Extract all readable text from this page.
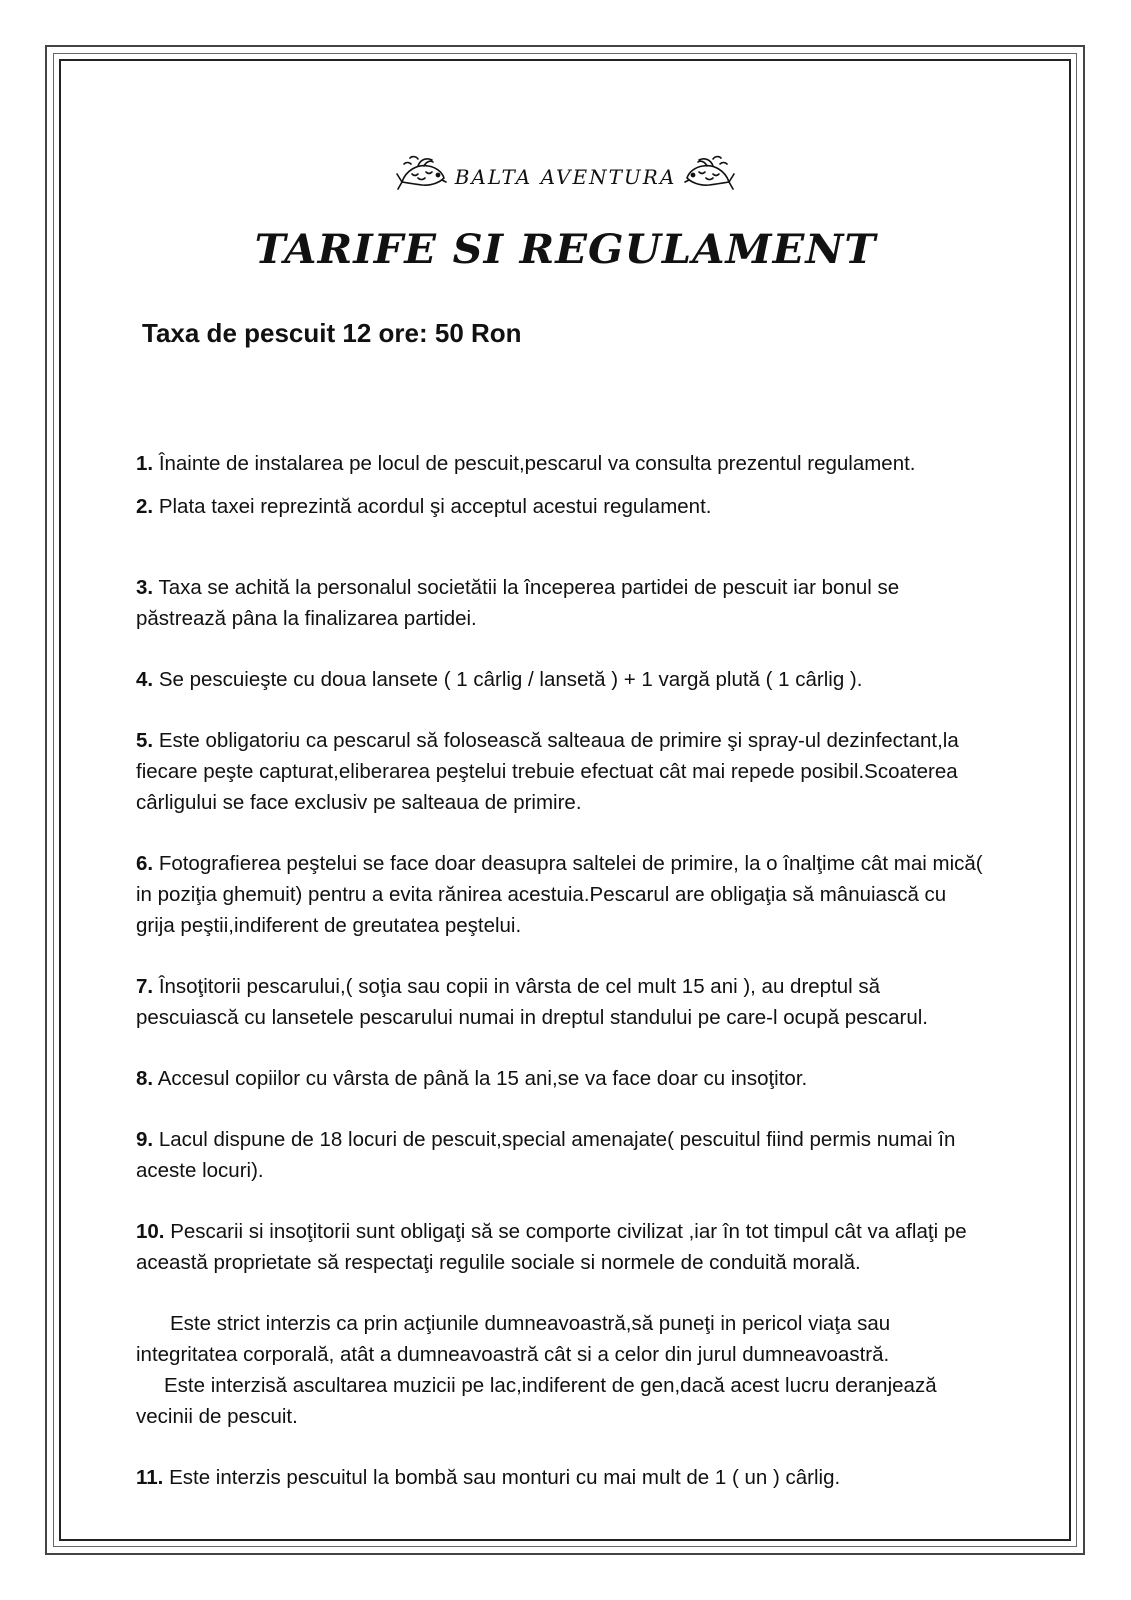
BALTA AVENTURA
TARIFE SI REGULAMENT
Taxa de pescuit 12 ore: 50 Ron

1. Înainte de instalarea pe locul de pescuit,pescarul va consulta prezentul regulament.

2. Plata taxei reprezintă acordul şi acceptul acestui regulament.

3. Taxa se achită la personalul societătii la începerea partidei de pescuit iar bonul se păstrează pâna la finalizarea partidei.

4. Se pescuieşte cu doua lansete ( 1 cârlig / lansetă ) + 1 vargă plută ( 1 cârlig ).

5. Este obligatoriu ca pescarul să folosească salteaua de primire şi spray-ul dezinfectant,la fiecare peşte capturat,eliberarea peştelui trebuie efectuat cât mai repede posibil.Scoaterea cârligului se face exclusiv pe salteaua de primire.

6. Fotografierea peştelui se face doar deasupra saltelei de primire, la o înalţime cât mai mică( in poziţia ghemuit) pentru a evita rănirea acestuia.Pescarul are obligaţia să mânuiască cu grija peştii,indiferent de greutatea peştelui.

7. Însoţitorii pescarului,( soţia sau copii in vârsta de cel mult 15 ani ), au dreptul să pescuiască cu lansetele pescarului numai in dreptul standului pe care-l ocupă pescarul.

8. Accesul copiilor cu vârsta de până la 15 ani,se va face doar cu insoţitor.

9. Lacul dispune de 18 locuri de pescuit,special amenajate( pescuitul fiind permis numai în aceste locuri).

10. Pescarii si insoţitorii sunt obligaţi să se comporte civilizat ,iar în tot timpul cât va aflaţi pe această proprietate să respectaţi regulile sociale si normele de conduită morală.

Este strict interzis ca prin acţiunile dumneavoastră,să puneţi in pericol viaţa sau integritatea corporală, atât a dumneavoastră cât si a celor din jurul dumneavoastră.

Este interzisă ascultarea muzicii pe lac,indiferent de gen,dacă acest lucru deranjează vecinii de pescuit.

11. Este interzis pescuitul la bombă sau monturi cu mai mult de 1 ( un ) cârlig.
